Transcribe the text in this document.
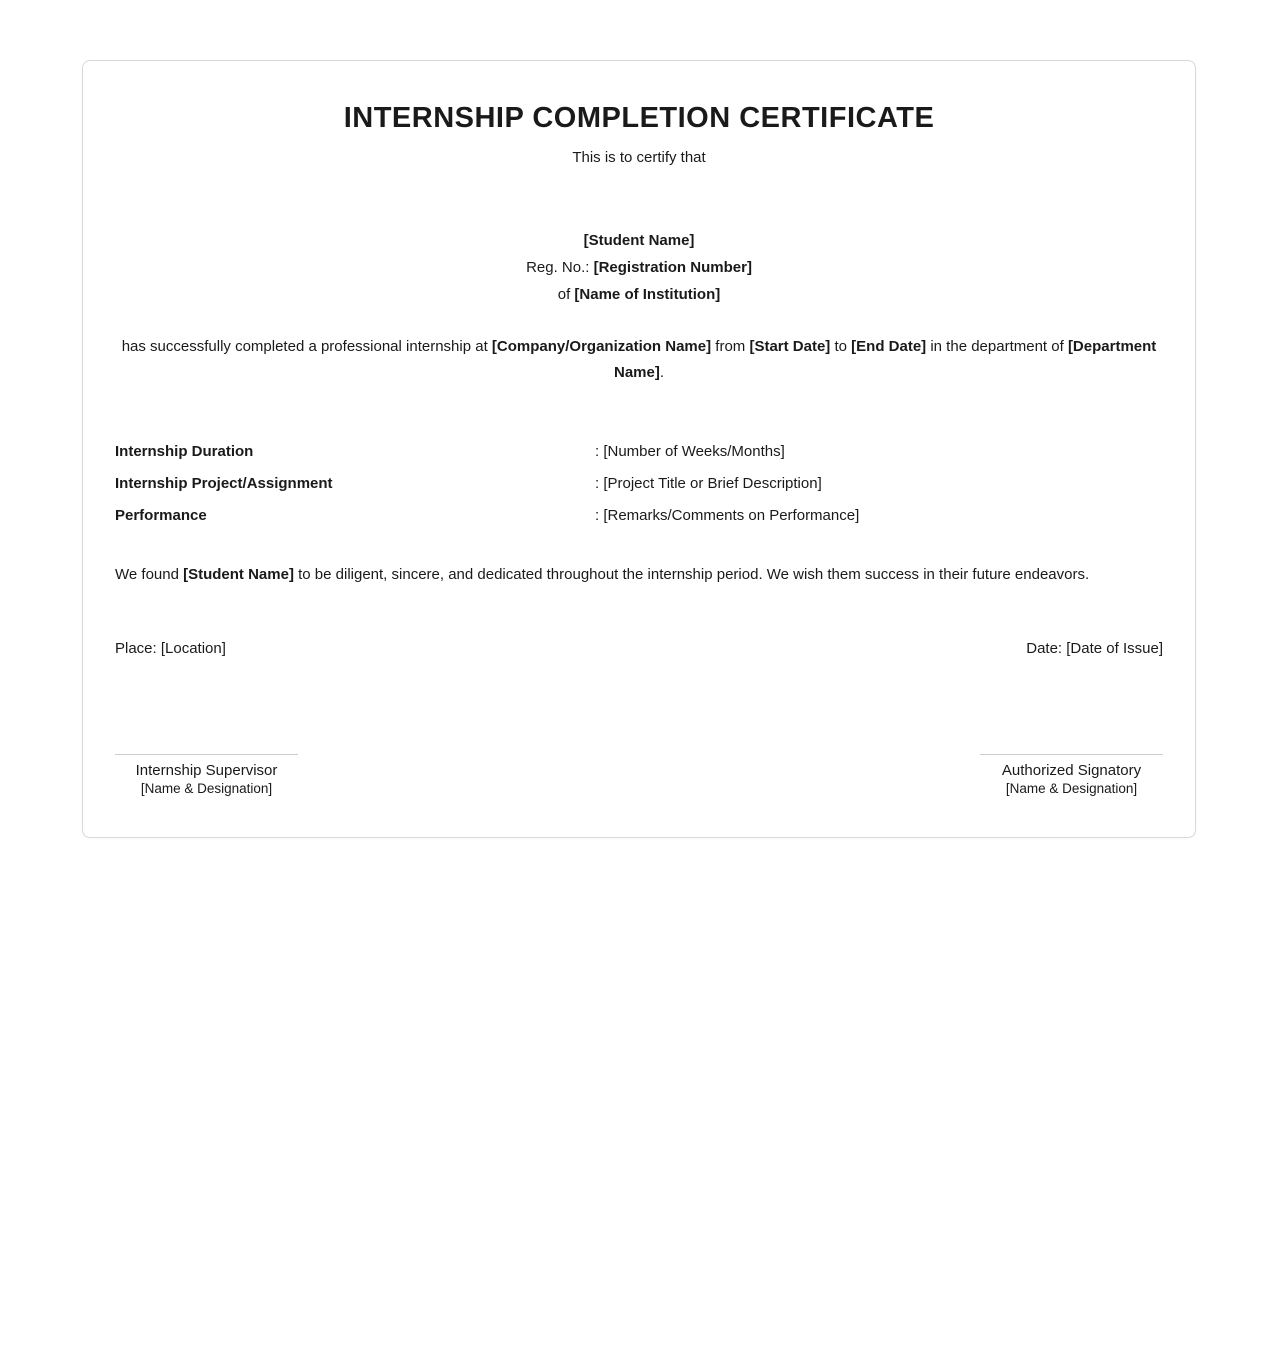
INTERNSHIP COMPLETION CERTIFICATE

This is to certify that

[Student Name]

Reg. No.: [Registration Number]

of [Name of Institution]

has successfully completed a professional internship at [Company/Organization Name] from [Start Date] to [End Date] in the department of [Department Name].

Internship Duration	: [Number of Weeks/Months]
Internship Project/Assignment	: [Project Title or Brief Description]
Performance	: [Remarks/Comments on Performance]

We found [Student Name] to be diligent, sincere, and dedicated throughout the internship period. We wish them success in their future endeavors.

Place: [Location]	Date: [Date of Issue]
Internship Supervisor
[Name & Designation]
Authorized Signatory
[Name & Designation]
